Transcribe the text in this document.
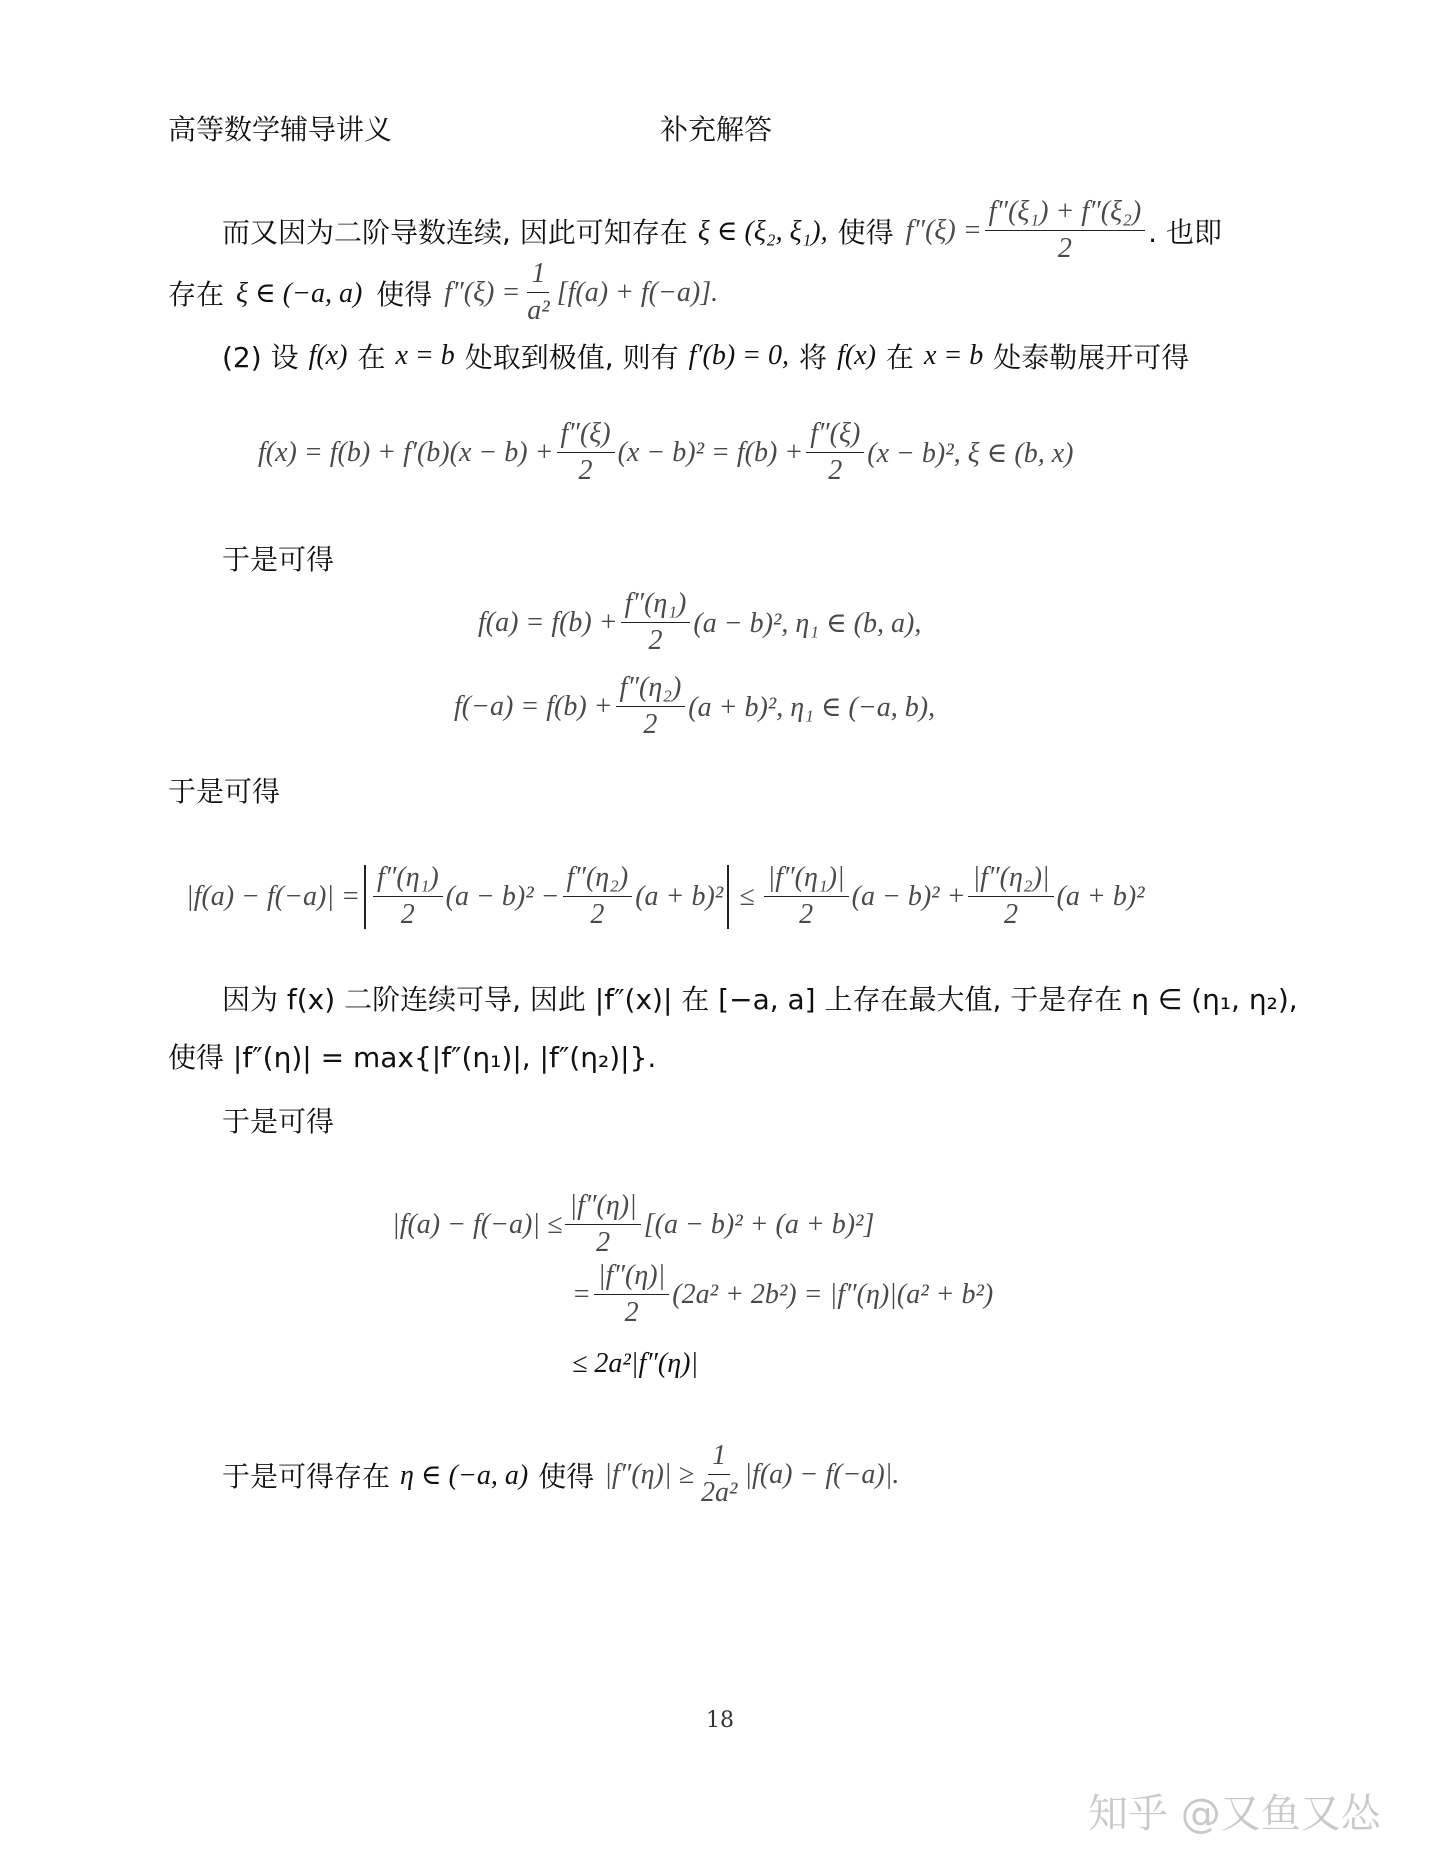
高等数学辅导讲义	补充解答
而又因为二阶导数连续, 因此可知存在 ξ ∈ (ξ₂, ξ₁), 使得 $f''(\xi) = \frac{\text{f″(ξ₁) + f″(ξ₂)}}{2}$ . 也即
存在 ξ ∈ (−a, a) 使得 $f''(\xi) = \frac{1}{\text{a²}} [f(a) + f(-a)]$.
(2) 设 f(x) 在 x = b 处取到极值, 则有 f′(b) = 0, 将 f(x) 在 x = b 处泰勒展开可得
$f(x) = f(b) + f'(b)(x - b) + \frac{f''(\xi)}{2} (x - b)^2 = f(b) + \frac{f''(\xi)}{2} (x - b)^2$, ξ ∈ (b, x)
于是可得
$f(a) = f(b) + \frac{\text{f″(η₁)}}{2} (a - b)^2$, η₁ ∈ (b, a),
$f(-a) = f(b) + \frac{\text{f″(η₂)}}{2} (a + b)^2$, η₁ ∈ (−a, b),
于是可得
$|f(a) - f(-a)| = \frac{\text{f″(η₁)}}{2} (a - b)^2 - \frac{\text{f″(η₂)}}{2} (a + b)^2 \le \frac{\text{|f″(η₁)|}}{2} (a - b)^2 + \frac{\text{|f″(η₂)|}}{2} (a + b)^2$
因为 f(x) 二阶连续可导, 因此 |f″(x)| 在 [−a, a] 上存在最大值, 于是存在 η ∈ (η₁, η₂),
使得 |f″(η)| = max{|f″(η₁)|, |f″(η₂)|}.
于是可得
$|f(a) - f(-a)| \le \frac{|f''(\eta)|}{2} [(a - b)^2 + (a + b)^2]$
= $\frac{|f''(\eta)|}{2} (2a^2 + 2b^2) = |f''(\eta)|(a^2 + b^2)$
≤ 2a²|f″(η)|
于是可得存在 η ∈ (−a, a) 使得 $|f''(\eta)| \ge \frac{1}{\text{2a²}} |f(a) - f(-a)|$.
18
知乎 @又鱼又怂
